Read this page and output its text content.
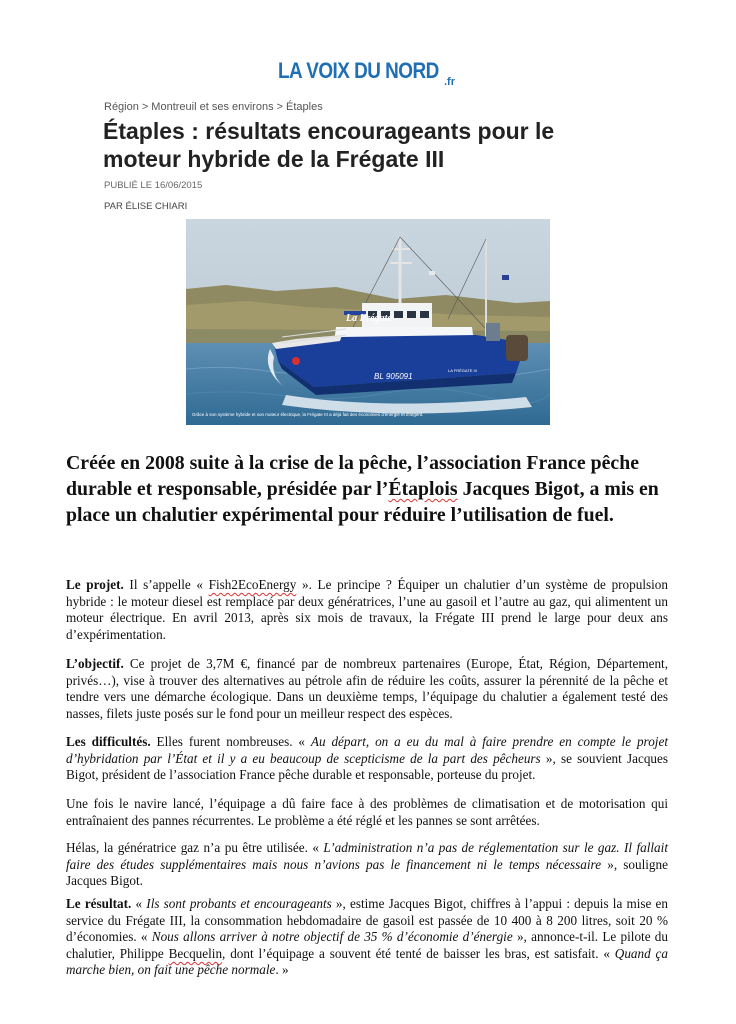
LA VOIX DU NORD .fr
Région > Montreuil et ses environs > Étaples
Étaples : résultats encourageants pour le moteur hybride de la Frégate III
PUBLIÉ LE 16/06/2015
PAR ÉLISE CHIARI
La Frégate
BL 905091
LA FRÉGATE III
Grâce à son système hybride et son moteur électrique, la Frégate III a déjà fait des économies d'énergie et d'argent.

Créée en 2008 suite à la crise de la pêche, l’association France pêche durable et responsable, présidée par l’Étaplois Jacques Bigot, a mis en place un chalutier expérimental pour réduire l’utilisation de fuel.

Le projet. Il s’appelle « Fish2EcoEnergy ». Le principe ? Équiper un chalutier d’un système de propulsion hybride : le moteur diesel est remplacé par deux génératrices, l’une au gasoil et l’autre au gaz, qui alimentent un moteur électrique. En avril 2013, après six mois de travaux, la Frégate III prend le large pour deux ans d’expérimentation.

L’objectif. Ce projet de 3,7M €, financé par de nombreux partenaires (Europe, État, Région, Département, privés…), vise à trouver des alternatives au pétrole afin de réduire les coûts, assurer la pérennité de la pêche et tendre vers une démarche écologique. Dans un deuxième temps, l’équipage du chalutier a également testé des nasses, filets juste posés sur le fond pour un meilleur respect des espèces.

Les difficultés. Elles furent nombreuses. « Au départ, on a eu du mal à faire prendre en compte le projet d’hybridation par l’État et il y a eu beaucoup de scepticisme de la part des pêcheurs », se souvient Jacques Bigot, président de l’association France pêche durable et responsable, porteuse du projet.

Une fois le navire lancé, l’équipage a dû faire face à des problèmes de climatisation et de motorisation qui entraînaient des pannes récurrentes. Le problème a été réglé et les pannes se sont arrêtées.

Hélas, la génératrice gaz n’a pu être utilisée. « L’administration n’a pas de réglementation sur le gaz. Il fallait faire des études supplémentaires mais nous n’avions pas le financement ni le temps nécessaire », souligne Jacques Bigot.

Le résultat. « Ils sont probants et encourageants », estime Jacques Bigot, chiffres à l’appui : depuis la mise en service du Frégate III, la consommation hebdomadaire de gasoil est passée de 10 400 à 8 200 litres, soit 20 % d’économies. « Nous allons arriver à notre objectif de 35 % d’économie d’énergie », annonce-t-il. Le pilote du chalutier, Philippe Becquelin, dont l’équipage a souvent été tenté de baisser les bras, est satisfait. « Quand ça marche bien, on fait une pêche normale. »
